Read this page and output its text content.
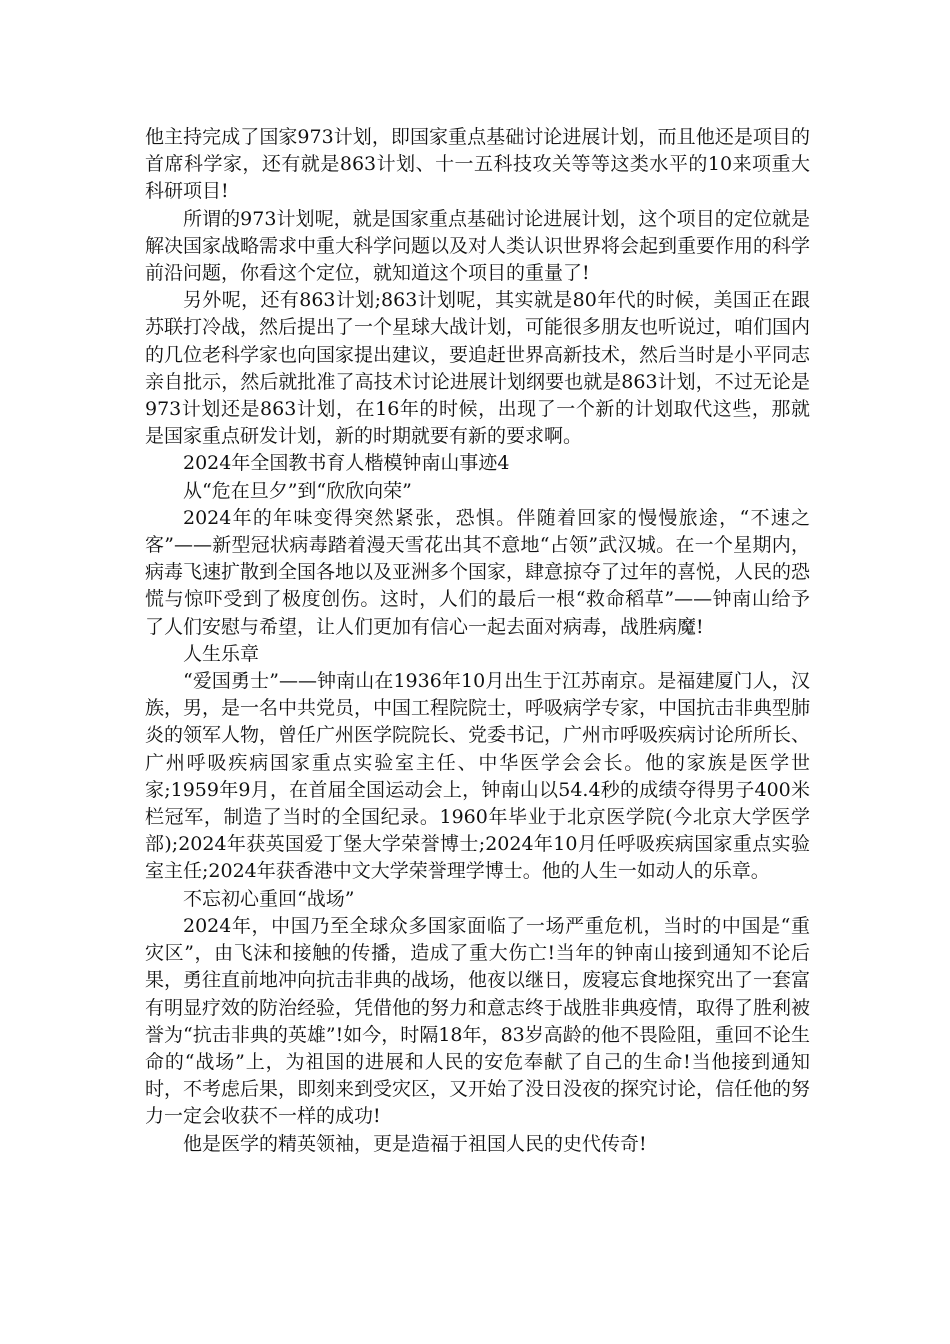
他主持完成了国家973计划，即国家重点基础讨论进展计划，而且他还是项目的首席科学家，还有就是863计划、十一五科技攻关等等这类水平的10来项重大科研项目!

所谓的973计划呢，就是国家重点基础讨论进展计划，这个项目的定位就是解决国家战略需求中重大科学问题以及对人类认识世界将会起到重要作用的科学前沿问题，你看这个定位，就知道这个项目的重量了!

另外呢，还有863计划;863计划呢，其实就是80年代的时候，美国正在跟苏联打冷战，然后提出了一个星球大战计划，可能很多朋友也听说过，咱们国内的几位老科学家也向国家提出建议，要追赶世界高新技术，然后当时是小平同志亲自批示，然后就批准了高技术讨论进展计划纲要也就是863计划，不过无论是973计划还是863计划，在16年的时候，出现了一个新的计划取代这些，那就是国家重点研发计划，新的时期就要有新的要求啊。

2024年全国教书育人楷模钟南山事迹4

从“危在旦夕”到“欣欣向荣”

2024年的年味变得突然紧张，恐惧。伴随着回家的慢慢旅途，“不速之客”——新型冠状病毒踏着漫天雪花出其不意地“占领”武汉城。在一个星期内，病毒飞速扩散到全国各地以及亚洲多个国家，肆意掠夺了过年的喜悦，人民的恐慌与惊吓受到了极度创伤。这时，人们的最后一根“救命稻草”——钟南山给予了人们安慰与希望，让人们更加有信心一起去面对病毒，战胜病魔!

人生乐章

“爱国勇士”——钟南山在1936年10月出生于江苏南京。是福建厦门人，汉族，男，是一名中共党员，中国工程院院士，呼吸病学专家，中国抗击非典型肺炎的领军人物，曾任广州医学院院长、党委书记，广州市呼吸疾病讨论所所长、广州呼吸疾病国家重点实验室主任、中华医学会会长。他的家族是医学世家;1959年9月，在首届全国运动会上，钟南山以54.4秒的成绩夺得男子400米栏冠军，制造了当时的全国纪录。1960年毕业于北京医学院(今北京大学医学部);2024年获英国爱丁堡大学荣誉博士;2024年10月任呼吸疾病国家重点实验室主任;2024年获香港中文大学荣誉理学博士。他的人生一如动人的乐章。

不忘初心重回“战场”

2024年，中国乃至全球众多国家面临了一场严重危机，当时的中国是“重灾区”，由飞沫和接触的传播，造成了重大伤亡!当年的钟南山接到通知不论后果，勇往直前地冲向抗击非典的战场，他夜以继日，废寝忘食地探究出了一套富有明显疗效的防治经验，凭借他的努力和意志终于战胜非典疫情，取得了胜利被誉为“抗击非典的英雄”!如今，时隔18年，83岁高龄的他不畏险阻，重回不论生命的“战场”上，为祖国的进展和人民的安危奉献了自己的生命!当他接到通知时，不考虑后果，即刻来到受灾区，又开始了没日没夜的探究讨论，信任他的努力一定会收获不一样的成功!

他是医学的精英领袖，更是造福于祖国人民的史代传奇!
